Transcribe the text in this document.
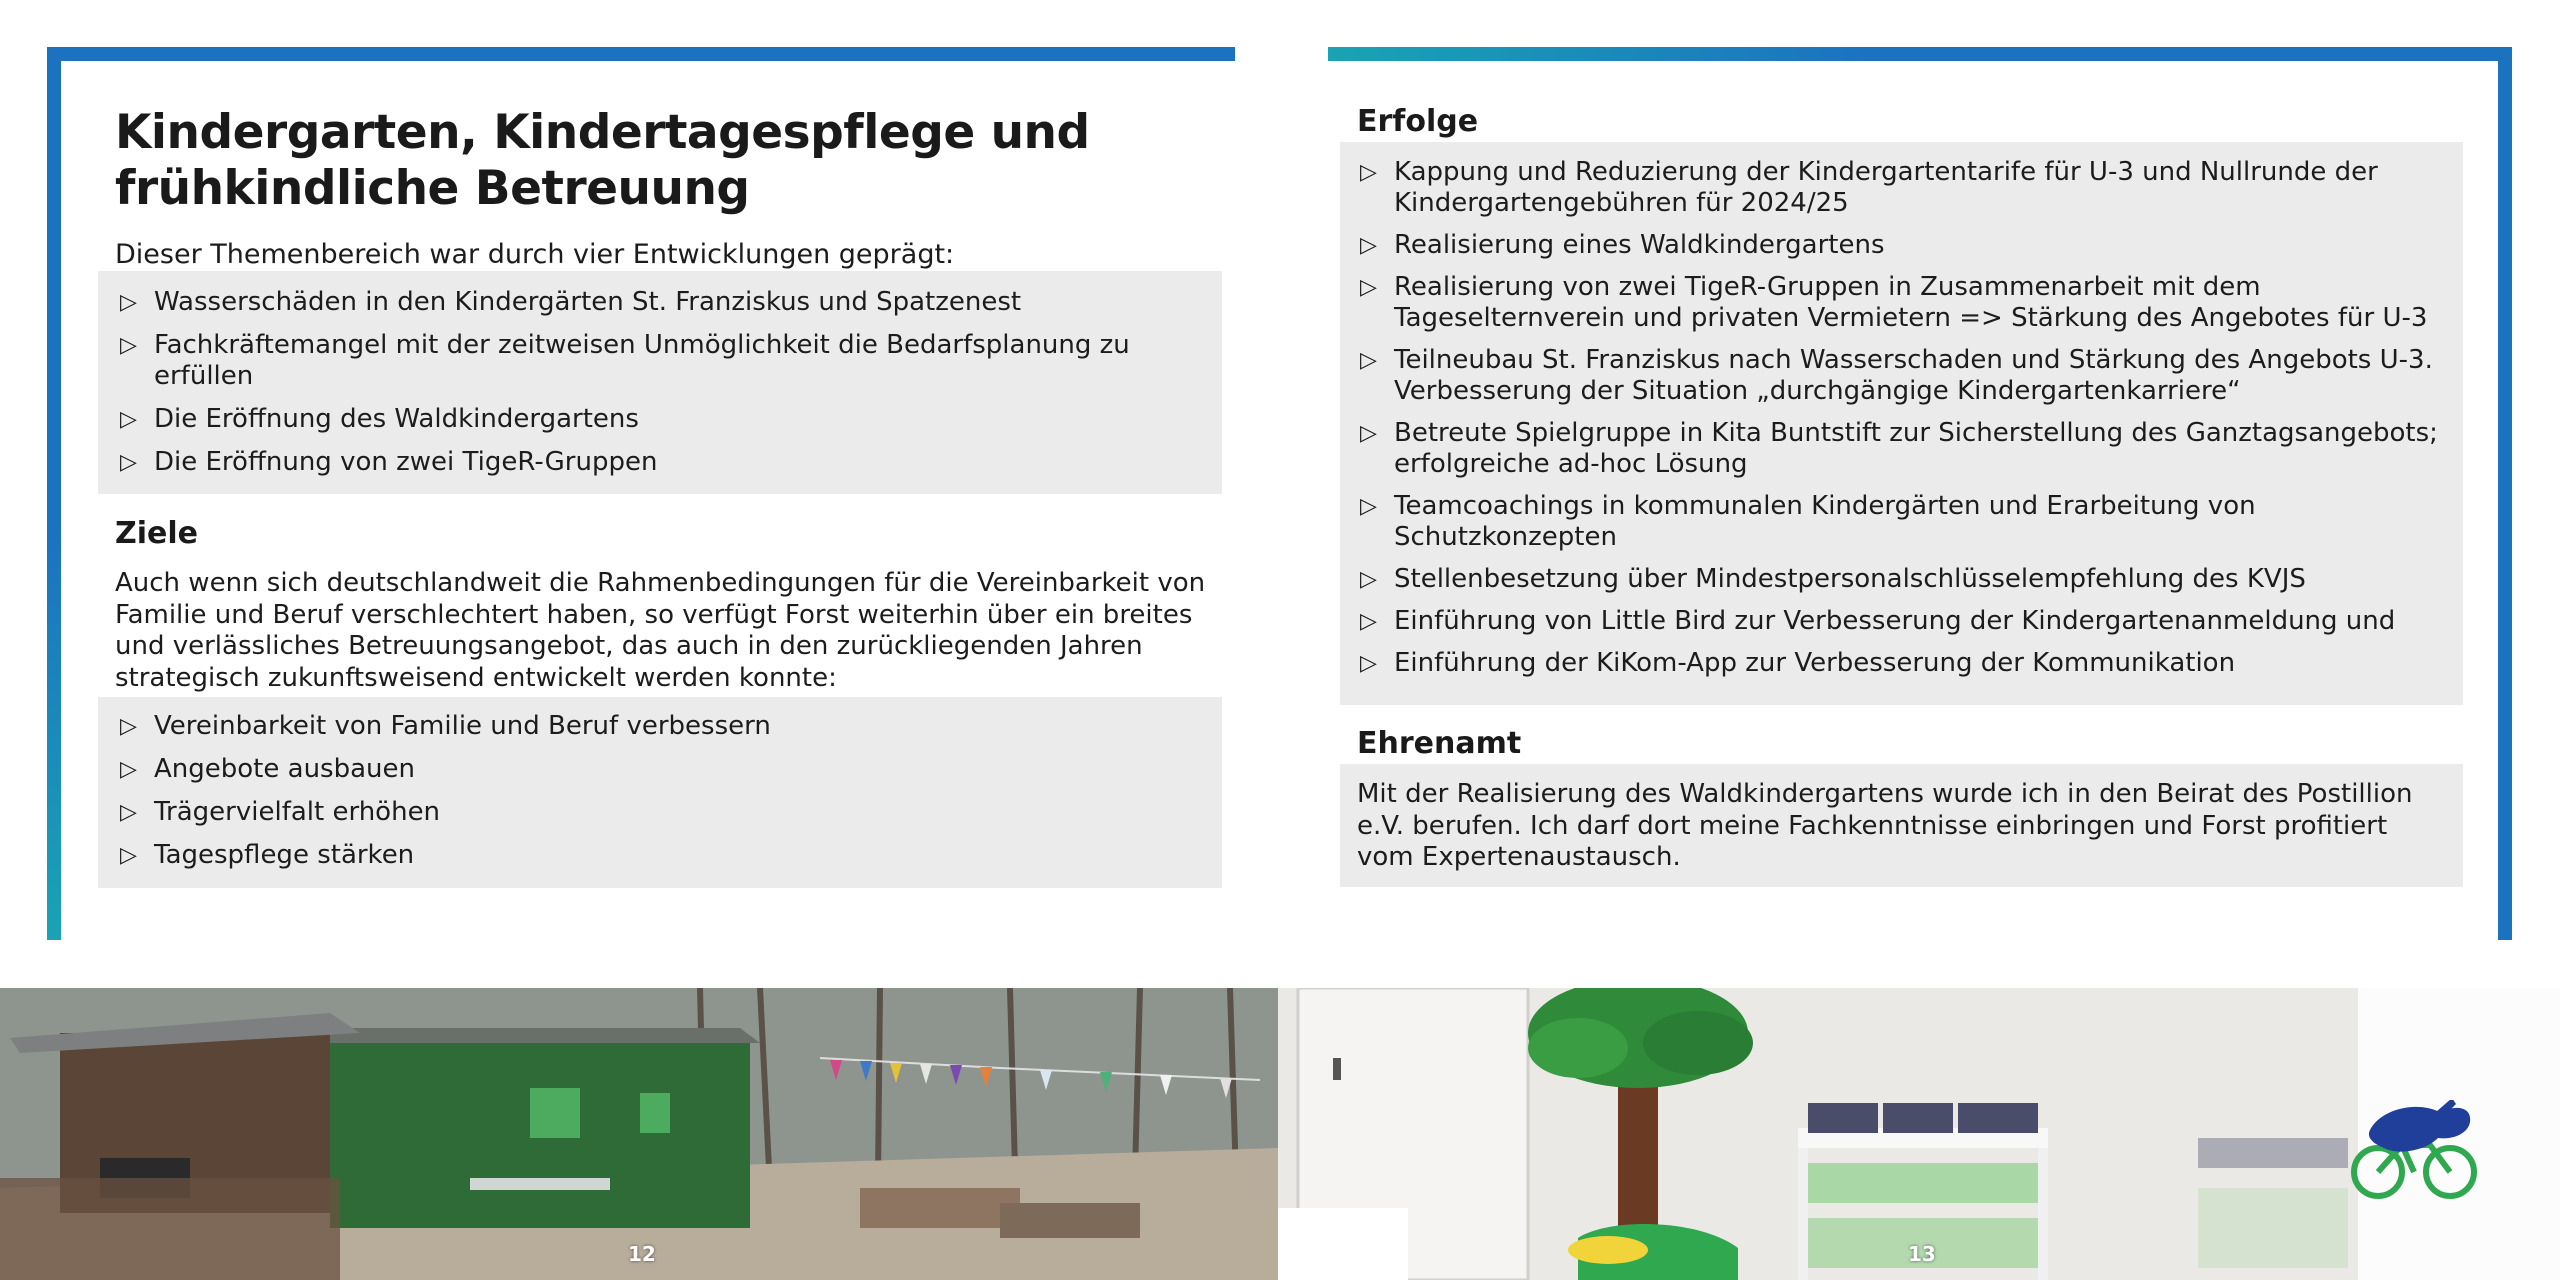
Kindergarten, Kindertagespflege und frühkindliche Betreuung

Dieser Themenbereich war durch vier Entwicklungen geprägt:

▷ Wasserschäden in den Kindergärten St. Franziskus und Spatzenest
▷ Fachkräftemangel mit der zeitweisen Unmöglichkeit die Bedarfsplanung zu erfüllen
▷ Die Eröffnung des Waldkindergartens
▷ Die Eröffnung von zwei TigeR-Gruppen
Ziele

Auch wenn sich deutschlandweit die Rahmenbedingungen für die Vereinbarkeit von Familie und Beruf verschlechtert haben, so verfügt Forst weiterhin über ein breites und verlässliches Betreuungsangebot, das auch in den zurückliegenden Jahren strategisch zukunftsweisend entwickelt werden konnte:

▷ Vereinbarkeit von Familie und Beruf verbessern
▷ Angebote ausbauen
▷ Trägervielfalt erhöhen
▷ Tagespflege stärken
Erfolge
▷ Kappung und Reduzierung der Kindergartentarife für U-3 und Nullrunde der Kindergartengebühren für 2024/25
▷ Realisierung eines Waldkindergartens
▷ Realisierung von zwei TigeR-Gruppen in Zusammenarbeit mit dem Tageselternverein und privaten Vermietern => Stärkung des Angebotes für U-3
▷ Teilneubau St. Franziskus nach Wasserschaden und Stärkung des Angebots U-3. Verbesserung der Situation „durchgängige Kindergartenkarriere“
▷ Betreute Spielgruppe in Kita Buntstift zur Sicherstellung des Ganztagsangebots; erfolgreiche ad-hoc Lösung
▷ Teamcoachings in kommunalen Kindergärten und Erarbeitung von Schutzkonzepten
▷ Stellenbesetzung über Mindestpersonalschlüsselempfehlung des KVJS
▷ Einführung von Little Bird zur Verbesserung der Kindergartenanmeldung und
▷ Einführung der KiKom-App zur Verbesserung der Kommunikation
Ehrenamt

Mit der Realisierung des Waldkindergartens wurde ich in den Beirat des Postillion e.V. berufen. Ich darf dort meine Fachkenntnisse einbringen und Forst profitiert vom Expertenaustausch.

12	13
